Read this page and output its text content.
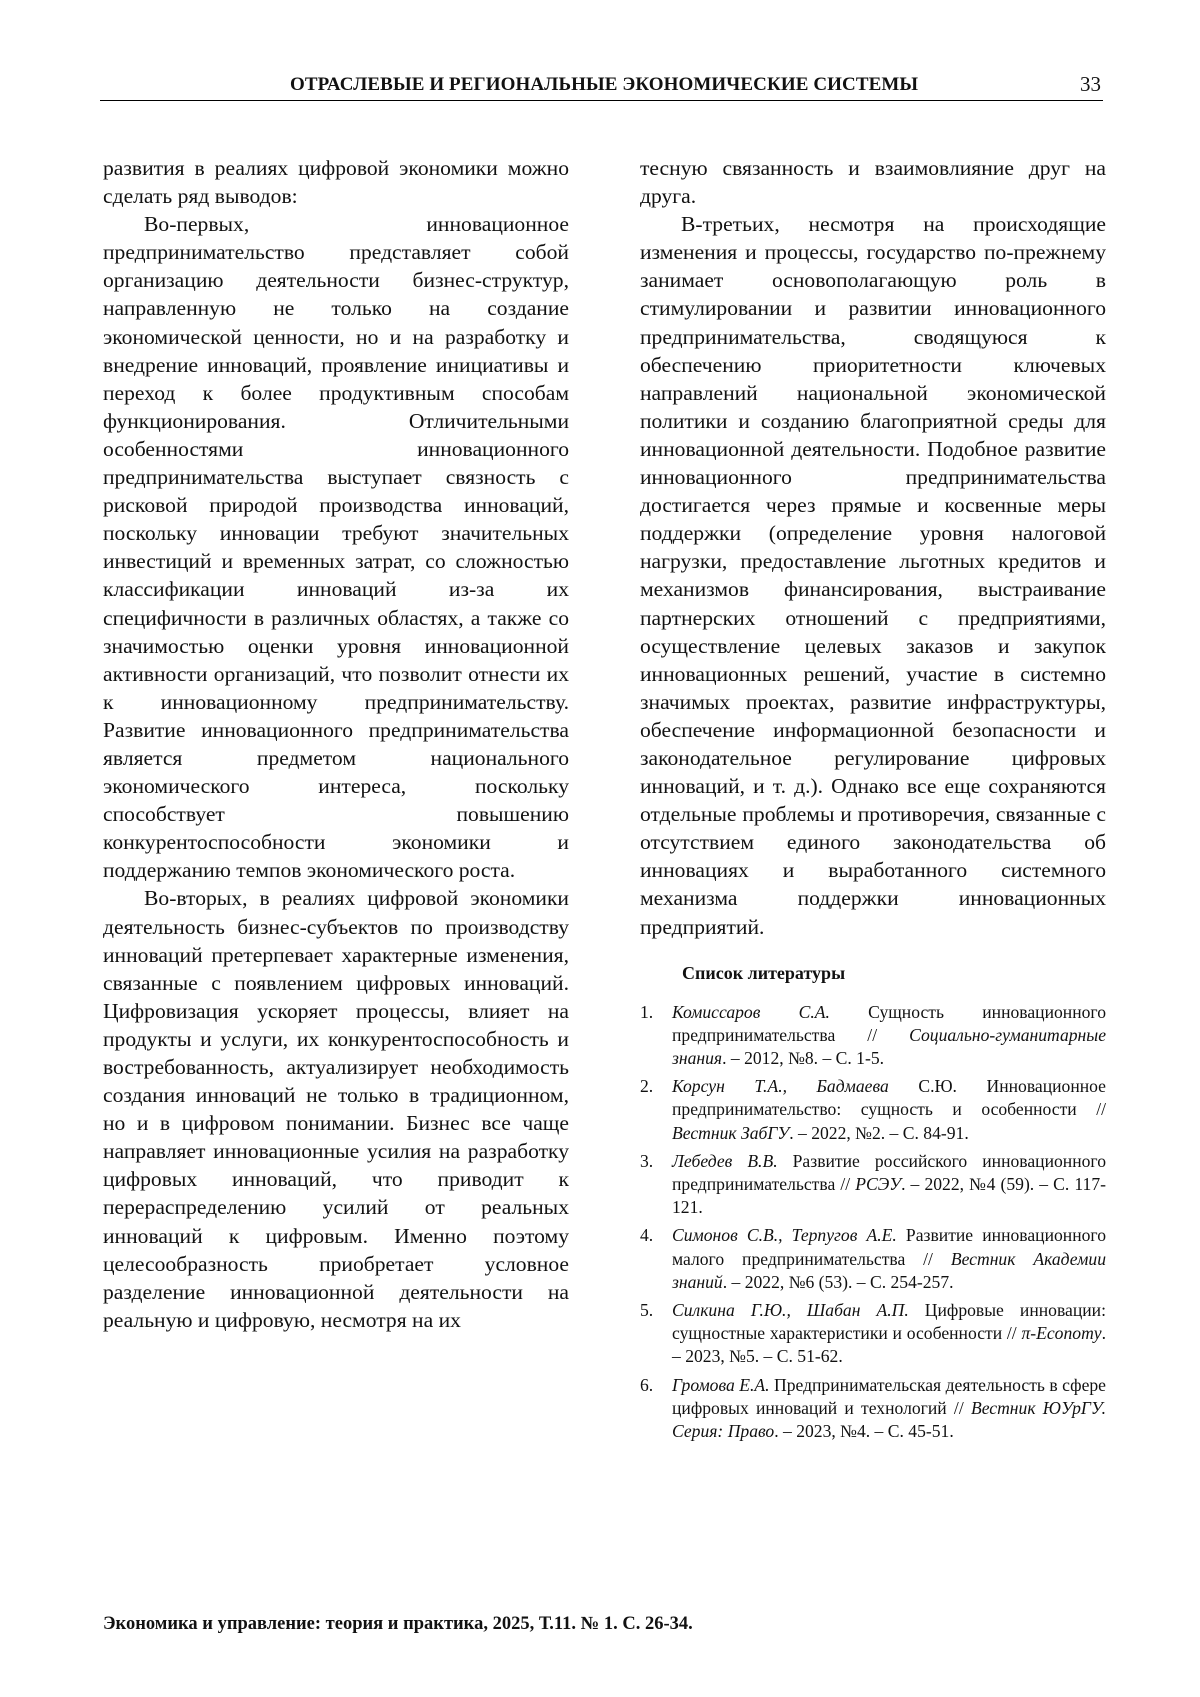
ОТРАСЛЕВЫЕ И РЕГИОНАЛЬНЫЕ ЭКОНОМИЧЕСКИЕ СИСТЕМЫ	33

развития в реалиях цифровой экономики можно сделать ряд выводов:

Во-первых, инновационное предпринимательство представляет собой организацию деятельности бизнес-структур, направленную не только на создание экономической ценности, но и на разработку и внедрение инноваций, проявление инициативы и переход к более продуктивным способам функционирования. Отличительными особенностями инновационного предпринимательства выступает связность с рисковой природой производства инноваций, поскольку инновации требуют значительных инвестиций и временных затрат, со сложностью классификации инноваций из-за их специфичности в различных областях, а также со значимостью оценки уровня инновационной активности организаций, что позволит отнести их к инновационному предпринимательству. Развитие инновационного предпринимательства является предметом национального экономического интереса, поскольку способствует повышению конкурентоспособности экономики и поддержанию темпов экономического роста.

Во-вторых, в реалиях цифровой экономики деятельность бизнес-субъектов по производству инноваций претерпевает характерные изменения, связанные с появлением цифровых инноваций. Цифровизация ускоряет процессы, влияет на продукты и услуги, их конкурентоспособность и востребованность, актуализирует необходимость создания инноваций не только в традиционном, но и в цифровом понимании. Бизнес все чаще направляет инновационные усилия на разработку цифровых инноваций, что приводит к перераспределению усилий от реальных инноваций к цифровым. Именно поэтому целесообразность приобретает условное разделение инновационной деятельности на реальную и цифровую, несмотря на их

тесную связанность и взаимовлияние друг на друга.

В-третьих, несмотря на происходящие изменения и процессы, государство по-прежнему занимает основополагающую роль в стимулировании и развитии инновационного предпринимательства, сводящуюся к обеспечению приоритетности ключевых направлений национальной экономической политики и созданию благоприятной среды для инновационной деятельности. Подобное развитие инновационного предпринимательства достигается через прямые и косвенные меры поддержки (определение уровня налоговой нагрузки, предоставление льготных кредитов и механизмов финансирования, выстраивание партнерских отношений с предприятиями, осуществление целевых заказов и закупок инновационных решений, участие в системно значимых проектах, развитие инфраструктуры, обеспечение информационной безопасности и законодательное регулирование цифровых инноваций, и т. д.). Однако все еще сохраняются отдельные проблемы и противоречия, связанные с отсутствием единого законодательства об инновациях и выработанного системного механизма поддержки инновационных предприятий.

Список литературы
1. Комиссаров С.А. Сущность инновационного предпринимательства // Социально-гуманитарные знания. – 2012, №8. – С. 1-5.
2. Корсун Т.А., Бадмаева С.Ю. Инновационное предпринимательство: сущность и особенности // Вестник ЗабГУ. – 2022, №2. – С. 84-91.
3. Лебедев В.В. Развитие российского инновационного предпринимательства // РСЭУ. – 2022, №4 (59). – С. 117-121.
4. Симонов С.В., Терпугов А.Е. Развитие инновационного малого предпринимательства // Вестник Академии знаний. – 2022, №6 (53). – С. 254-257.
5. Силкина Г.Ю., Шабан А.П. Цифровые инновации: сущностные характеристики и особенности // π-Economy. – 2023, №5. – С. 51-62.
6. Громова Е.А. Предпринимательская деятельность в сфере цифровых инноваций и технологий // Вестник ЮУрГУ. Серия: Право. – 2023, №4. – С. 45-51.
Экономика и управление: теория и практика, 2025, Т.11. № 1. С. 26-34.
